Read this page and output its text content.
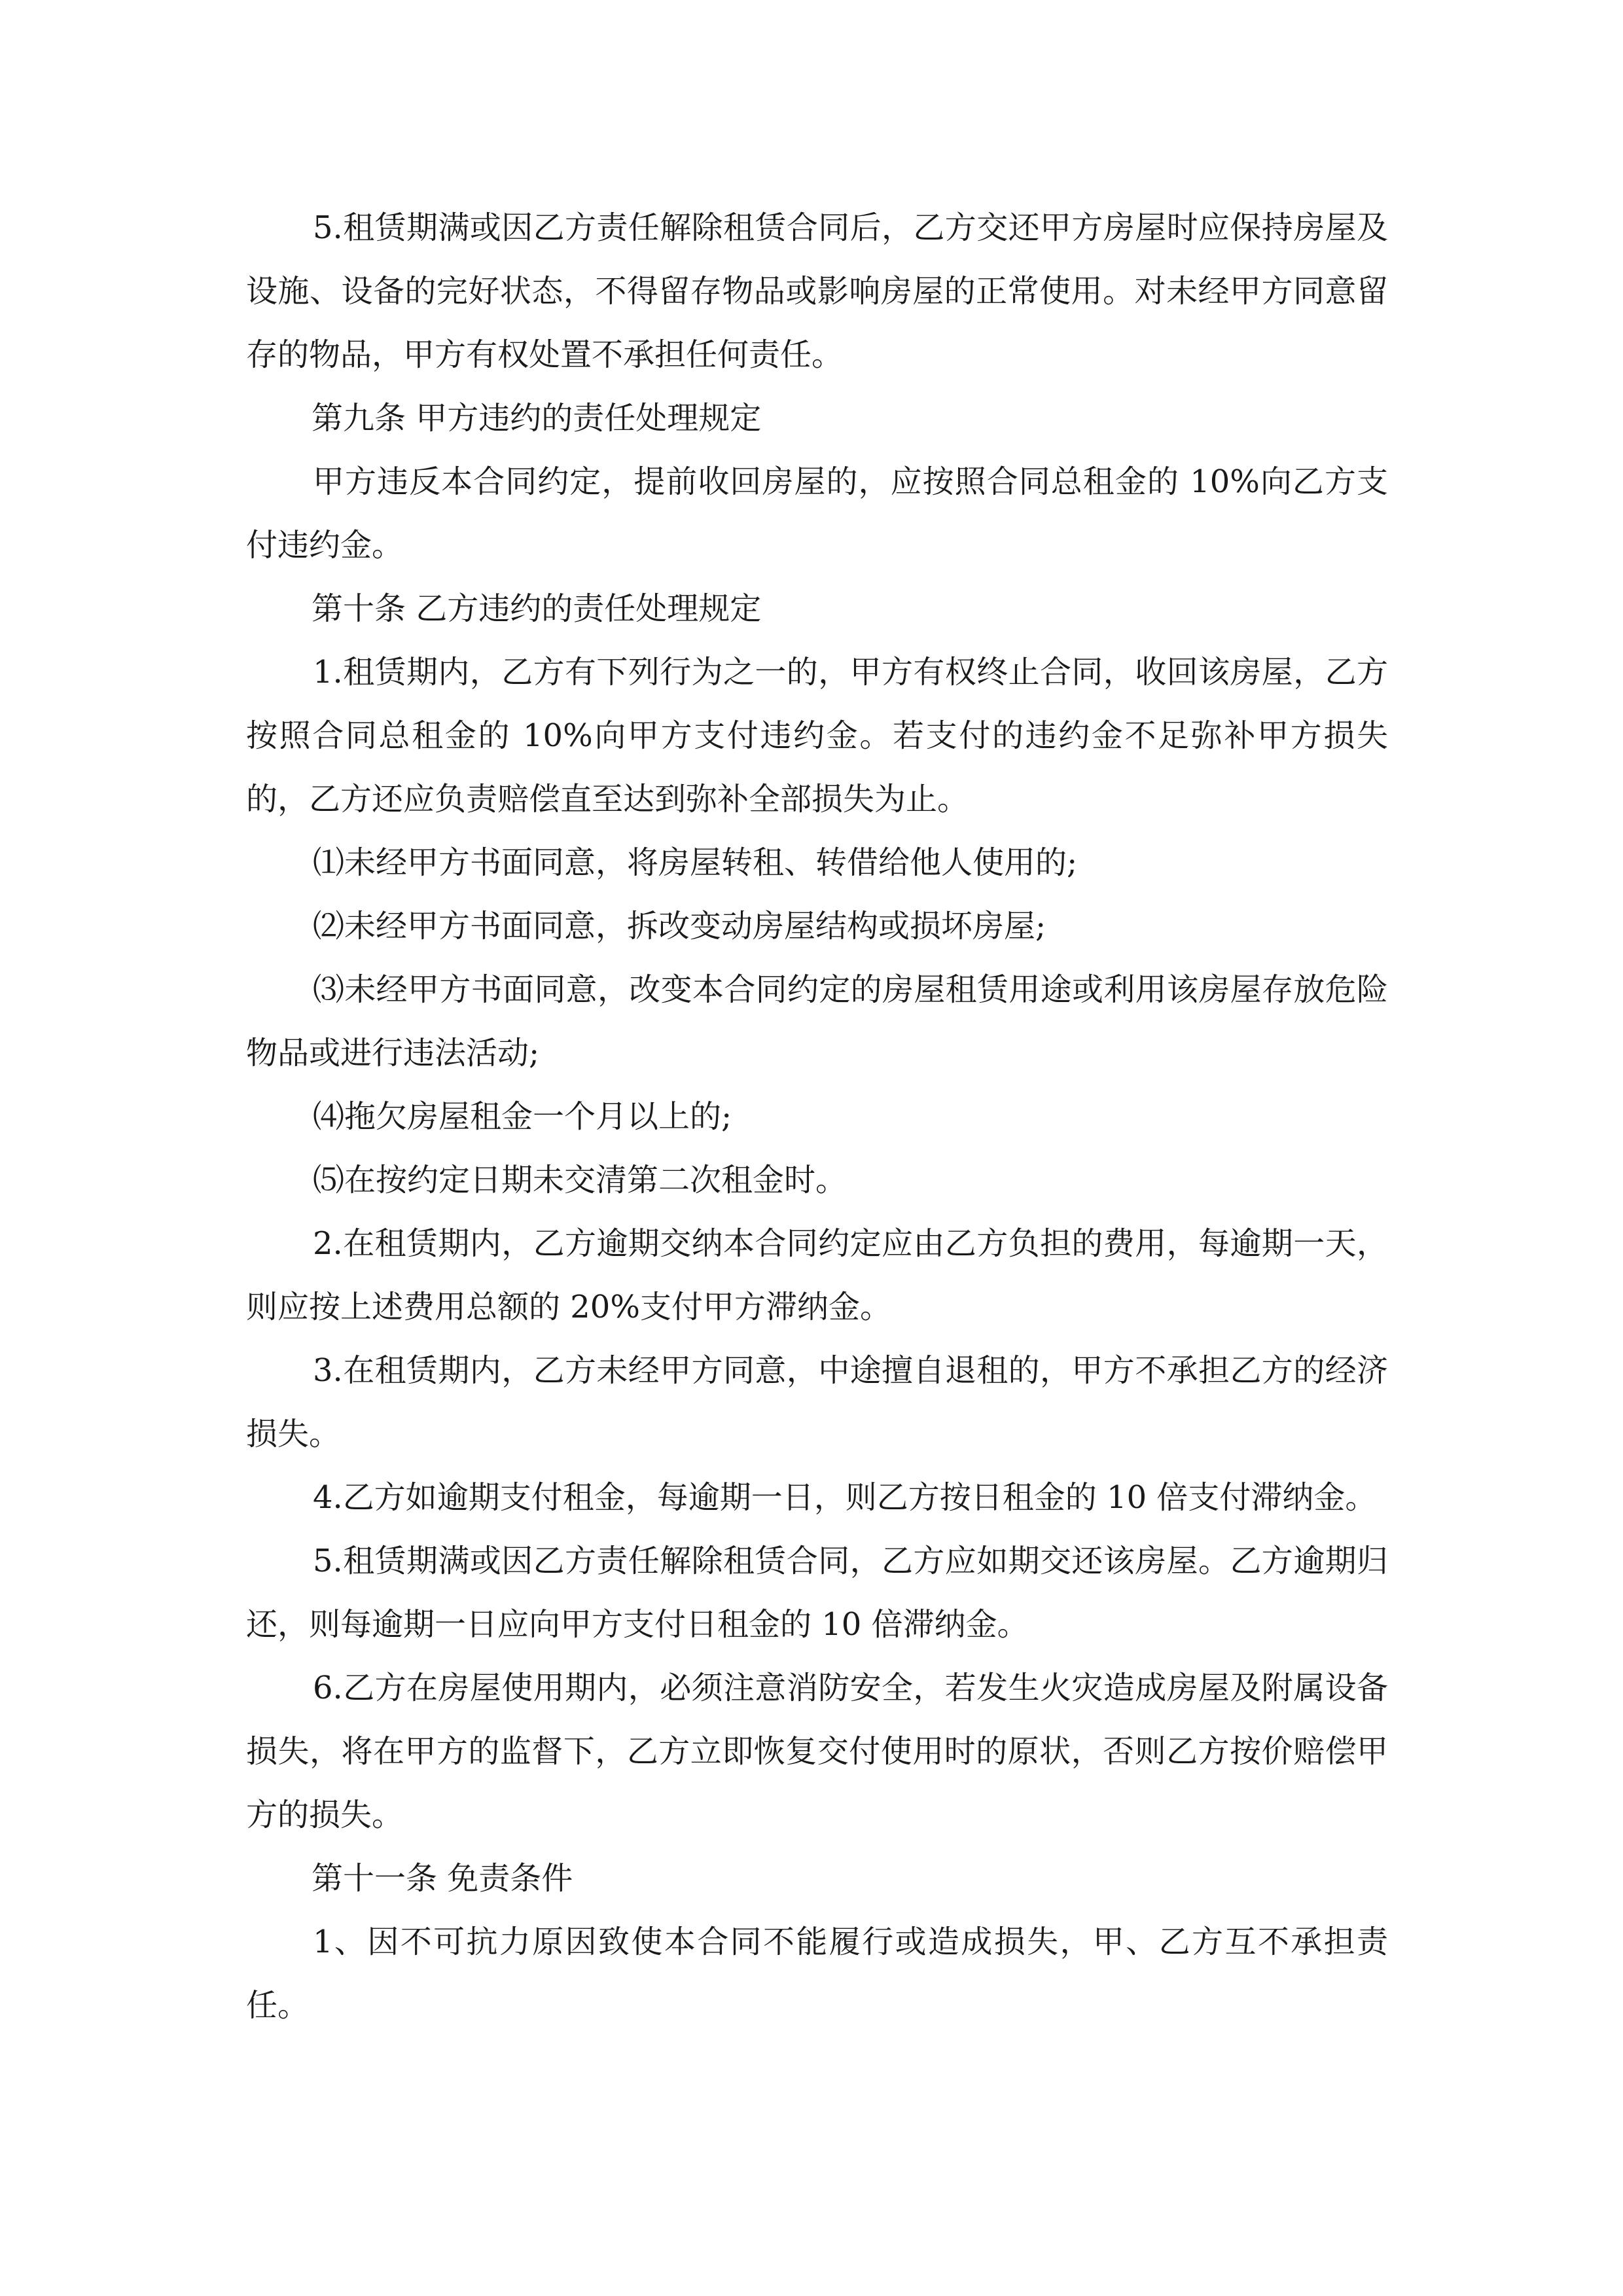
5.租赁期满或因乙方责任解除租赁合同后，乙方交还甲方房屋时应保持房屋及设施、设备的完好状态，不得留存物品或影响房屋的正常使用。对未经甲方同意留存的物品，甲方有权处置不承担任何责任。

第九条 甲方违约的责任处理规定

甲方违反本合同约定，提前收回房屋的，应按照合同总租金的 10%向乙方支付违约金。

第十条 乙方违约的责任处理规定

1.租赁期内，乙方有下列行为之一的，甲方有权终止合同，收回该房屋，乙方按照合同总租金的 10%向甲方支付违约金。若支付的违约金不足弥补甲方损失的，乙方还应负责赔偿直至达到弥补全部损失为止。

⑴未经甲方书面同意，将房屋转租、转借给他人使用的;

⑵未经甲方书面同意，拆改变动房屋结构或损坏房屋;

⑶未经甲方书面同意，改变本合同约定的房屋租赁用途或利用该房屋存放危险物品或进行违法活动;

⑷拖欠房屋租金一个月以上的;

⑸在按约定日期未交清第二次租金时。

2.在租赁期内，乙方逾期交纳本合同约定应由乙方负担的费用，每逾期一天，则应按上述费用总额的 20%支付甲方滞纳金。

3.在租赁期内，乙方未经甲方同意，中途擅自退租的，甲方不承担乙方的经济损失。

4.乙方如逾期支付租金，每逾期一日，则乙方按日租金的 10 倍支付滞纳金。

5.租赁期满或因乙方责任解除租赁合同，乙方应如期交还该房屋。乙方逾期归还，则每逾期一日应向甲方支付日租金的 10 倍滞纳金。

6.乙方在房屋使用期内，必须注意消防安全，若发生火灾造成房屋及附属设备损失，将在甲方的监督下，乙方立即恢复交付使用时的原状，否则乙方按价赔偿甲方的损失。

第十一条 免责条件

1、因不可抗力原因致使本合同不能履行或造成损失，甲、乙方互不承担责任。
